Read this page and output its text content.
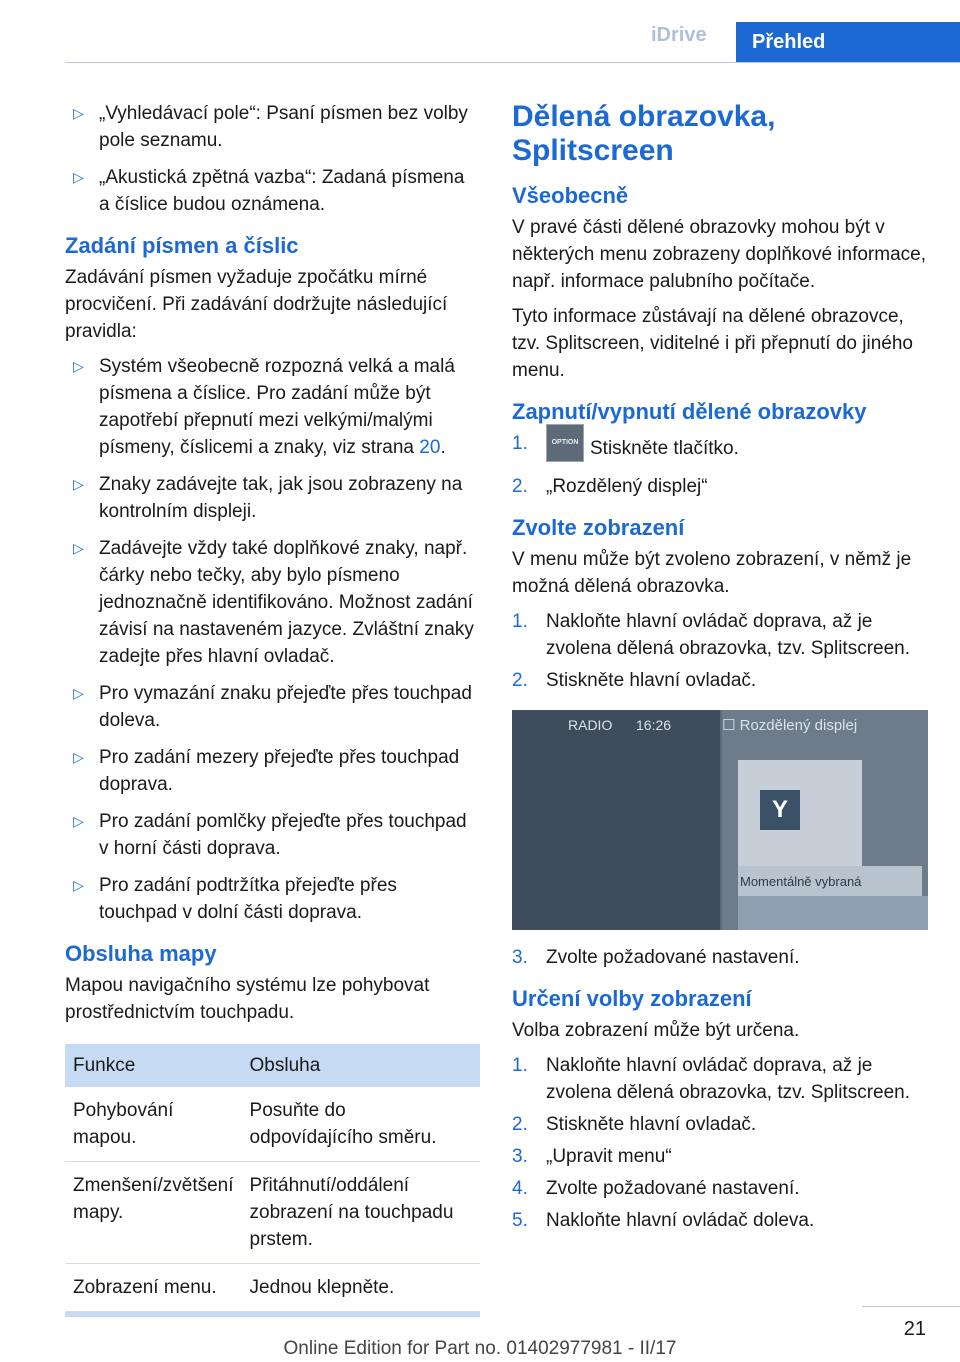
iDrive	Přehled
▷ „Vyhledávací pole“: Psaní písmen bez volby pole seznamu.
▷ „Akustická zpětná vazba“: Zadaná písmena a číslice budou oznámena.
Zadání písmen a číslic

Zadávání písmen vyžaduje zpočátku mírné procvičení. Při zadávání dodržujte následující pravidla:

▷ Systém všeobecně rozpozná velká a malá písmena a číslice. Pro zadání může být zapotřebí přepnutí mezi velkými/malými písmeny, číslicemi a znaky, viz strana 20.
▷ Znaky zadávejte tak, jak jsou zobrazeny na kontrolním displeji.
▷ Zadávejte vždy také doplňkové znaky, např. čárky nebo tečky, aby bylo písmeno jednoznačně identifikováno. Možnost zadání závisí na nastaveném jazyce. Zvláštní znaky zadejte přes hlavní ovladač.
▷ Pro vymazání znaku přejeďte přes touchpad doleva.
▷ Pro zadání mezery přejeďte přes touchpad doprava.
▷ Pro zadání pomlčky přejeďte přes touchpad v horní části doprava.
▷ Pro zadání podtržítka přejeďte přes touchpad v dolní části doprava.
Obsluha mapy

Mapou navigačního systému lze pohybovat prostřednictvím touchpadu.

Funkce	Obsluha
Pohybování mapou.	Posuňte do odpovídajícího směru.
Zmenšení/zvětšení mapy.	Přitáhnutí/oddálení zobrazení na touchpadu prstem.
Zobrazení menu.	Jednou klepněte.
Dělená obrazovka, Splitscreen
Všeobecně

V pravé části dělené obrazovky mohou být v některých menu zobrazeny doplňkové informace, např. informace palubního počítače.

Tyto informace zůstávají na dělené obrazovce, tzv. Splitscreen, viditelné i při přepnutí do jiného menu.

Zapnutí/vypnutí dělené obrazovky
1.	OPTION Stiskněte tlačítko.
2. „Rozdělený displej“
Zvolte zobrazení

V menu může být zvoleno zobrazení, v němž je možná dělená obrazovka.

1. Nakloňte hlavní ovládač doprava, až je zvolena dělená obrazovka, tzv. Splitscreen.
2. Stiskněte hlavní ovladač.
RADIO 16:26	☐ Rozdělený displej
Y
Momentálně vybraná
3. Zvolte požadované nastavení.
Určení volby zobrazení

Volba zobrazení může být určena.

1. Nakloňte hlavní ovládač doprava, až je zvolena dělená obrazovka, tzv. Splitscreen.
2. Stiskněte hlavní ovladač.
3. „Upravit menu“
4. Zvolte požadované nastavení.
5. Nakloňte hlavní ovládač doleva.
21
Online Edition for Part no. 01402977981 - II/17
